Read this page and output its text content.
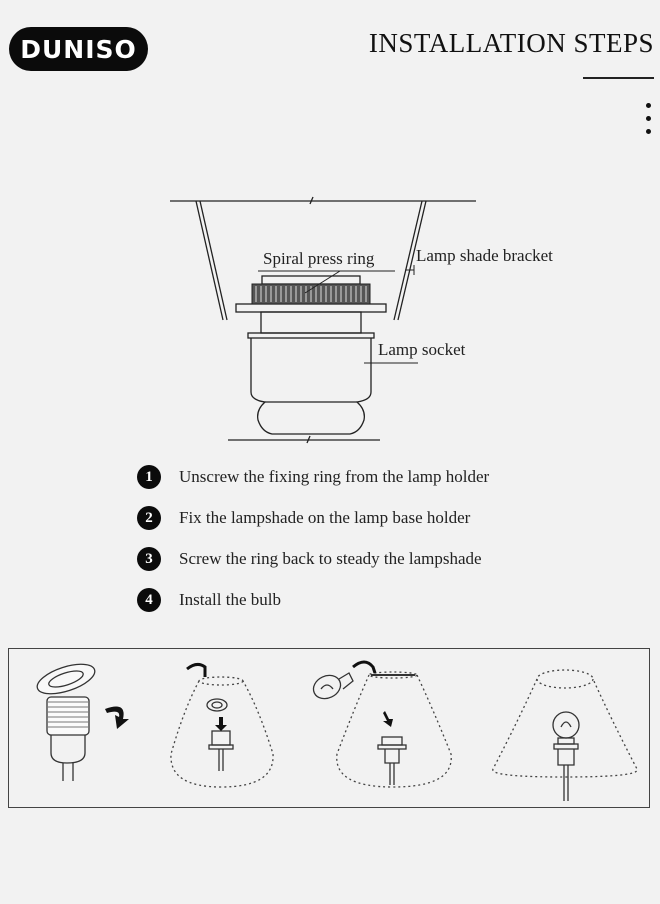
DUNISO	INSTALLATION STEPS
Spiral press ring Lamp shade bracket
Lamp socket
1	Unscrew the fixing ring from the lamp holder
2	Fix the lampshade on the lamp base holder
3	Screw the ring back to steady the lampshade
4	Install the bulb
